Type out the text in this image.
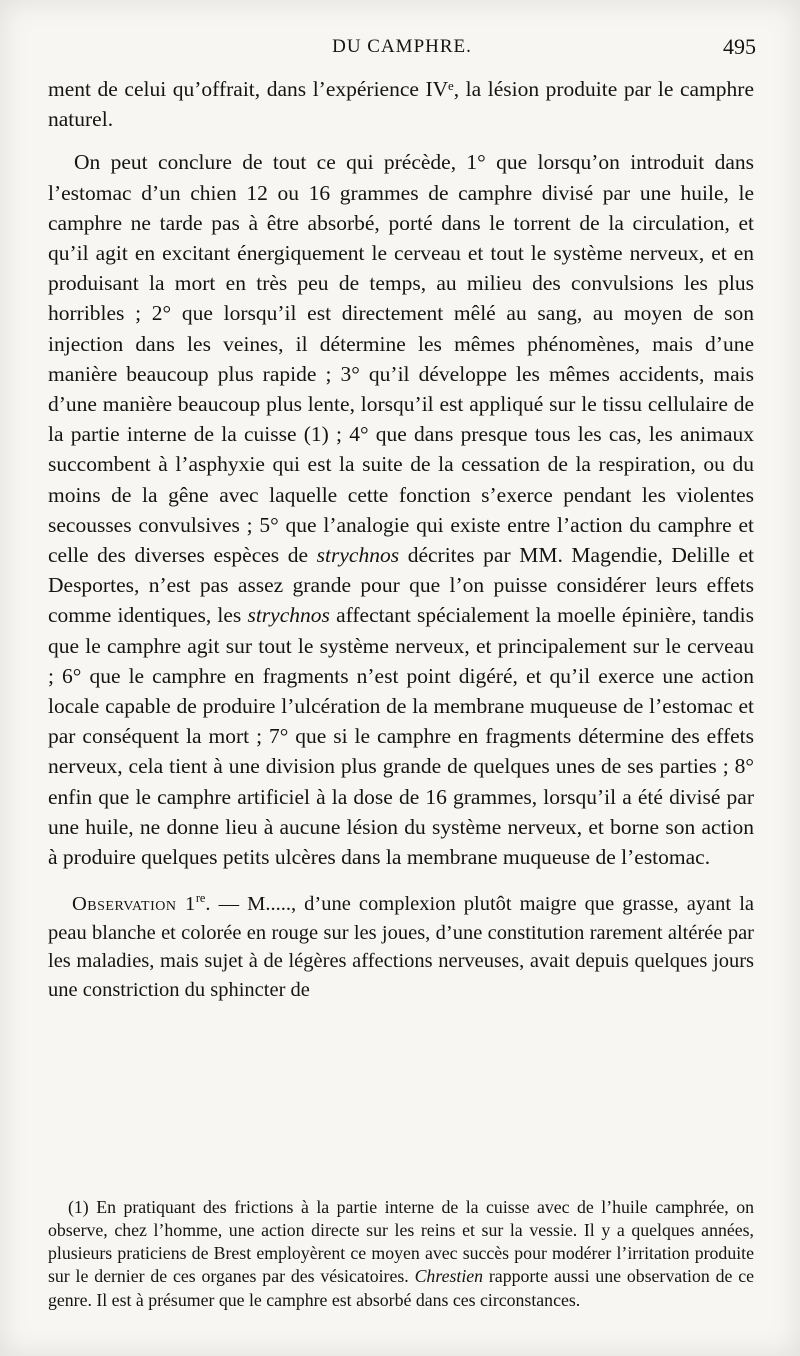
DU CAMPHRE.	495

ment de celui qu’offrait, dans l’expérience IVᵉ, la lésion produite par le camphre naturel.

On peut conclure de tout ce qui précède, 1° que lorsqu’on introduit dans l’estomac d’un chien 12 ou 16 grammes de camphre divisé par une huile, le camphre ne tarde pas à être absorbé, porté dans le torrent de la circulation, et qu’il agit en excitant énergiquement le cerveau et tout le système nerveux, et en produisant la mort en très peu de temps, au milieu des convulsions les plus horribles ; 2° que lorsqu’il est directement mêlé au sang, au moyen de son injection dans les veines, il détermine les mêmes phénomènes, mais d’une manière beaucoup plus rapide ; 3° qu’il développe les mêmes accidents, mais d’une manière beaucoup plus lente, lorsqu’il est appliqué sur le tissu cellulaire de la partie interne de la cuisse (1) ; 4° que dans presque tous les cas, les animaux succombent à l’asphyxie qui est la suite de la cessation de la respiration, ou du moins de la gêne avec laquelle cette fonction s’exerce pendant les violentes secousses convulsives ; 5° que l’analogie qui existe entre l’action du camphre et celle des diverses espèces de strychnos décrites par MM. Magendie, Delille et Desportes, n’est pas assez grande pour que l’on puisse considérer leurs effets comme identiques, les strychnos affectant spécialement la moelle épinière, tandis que le camphre agit sur tout le système nerveux, et principalement sur le cerveau ; 6° que le camphre en fragments n’est point digéré, et qu’il exerce une action locale capable de produire l’ulcération de la membrane muqueuse de l’estomac et par conséquent la mort ; 7° que si le camphre en fragments détermine des effets nerveux, cela tient à une division plus grande de quelques unes de ses parties ; 8° enfin que le camphre artificiel à la dose de 16 grammes, lorsqu’il a été divisé par une huile, ne donne lieu à aucune lésion du système nerveux, et borne son action à produire quelques petits ulcères dans la membrane muqueuse de l’estomac.

Observation 1re. — M....., d’une complexion plutôt maigre que grasse, ayant la peau blanche et colorée en rouge sur les joues, d’une constitution rarement altérée par les maladies, mais sujet à de légères affections nerveuses, avait depuis quelques jours une constriction du sphincter de

(1) En pratiquant des frictions à la partie interne de la cuisse avec de l’huile camphrée, on observe, chez l’homme, une action directe sur les reins et sur la vessie. Il y a quelques années, plusieurs praticiens de Brest employèrent ce moyen avec succès pour modérer l’irritation produite sur le dernier de ces organes par des vésicatoires. Chrestien rapporte aussi une observation de ce genre. Il est à présumer que le camphre est absorbé dans ces circonstances.
